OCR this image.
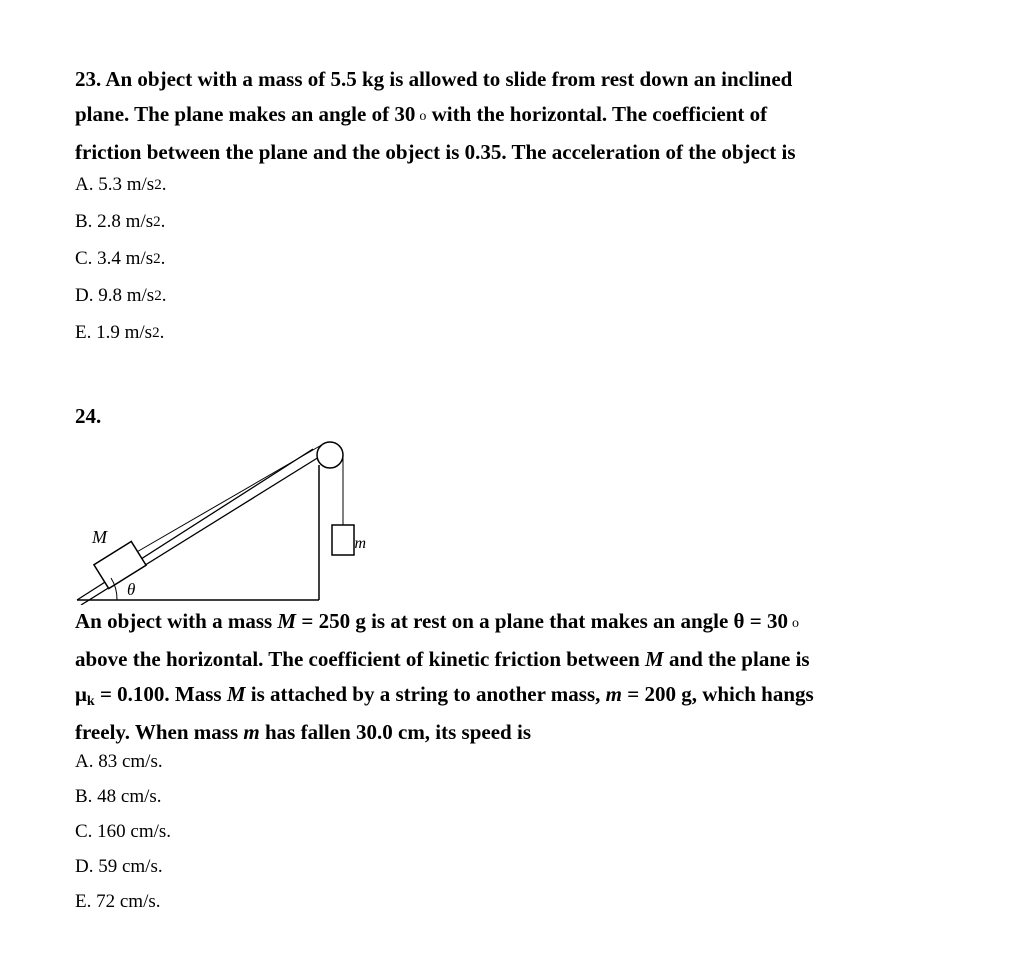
23. An object with a mass of 5.5 kg is allowed to slide from rest down an inclined
plane. The plane makes an angle of 30 o with the horizontal. The coefficient of
friction between the plane and the object is 0.35. The acceleration of the object is
A. 5.3 m/s2.
B. 2.8 m/s2.
C. 3.4 m/s2.
D. 9.8 m/s2.
E. 1.9 m/s2.
24.
M	m
θ
An object with a mass M = 250 g is at rest on a plane that makes an angle θ = 30 o
above the horizontal. The coefficient of kinetic friction between M and the plane is
μk = 0.100. Mass M is attached by a string to another mass, m = 200 g, which hangs
freely. When mass m has fallen 30.0 cm, its speed is
A. 83 cm/s.
B. 48 cm/s.
C. 160 cm/s.
D. 59 cm/s.
E. 72 cm/s.
